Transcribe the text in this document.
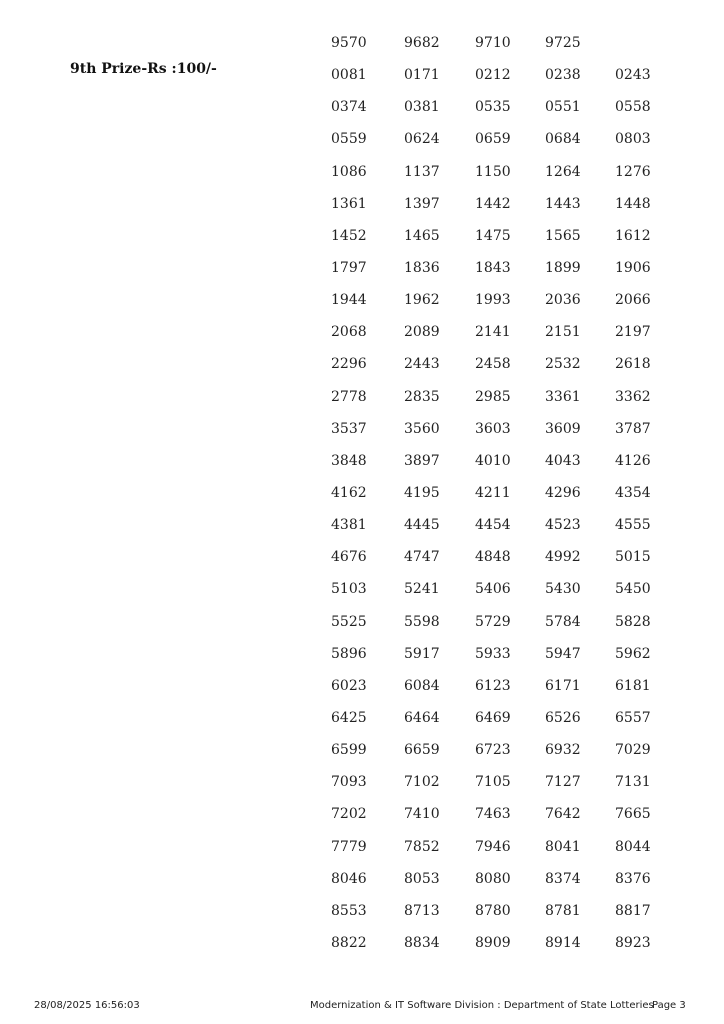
9th Prize-Rs :100/-
9570	9682	9710	9725
0081	0171	0212	0238	0243
0374	0381	0535	0551	0558
0559	0624	0659	0684	0803
1086	1137	1150	1264	1276
1361	1397	1442	1443	1448
1452	1465	1475	1565	1612
1797	1836	1843	1899	1906
1944	1962	1993	2036	2066
2068	2089	2141	2151	2197
2296	2443	2458	2532	2618
2778	2835	2985	3361	3362
3537	3560	3603	3609	3787
3848	3897	4010	4043	4126
4162	4195	4211	4296	4354
4381	4445	4454	4523	4555
4676	4747	4848	4992	5015
5103	5241	5406	5430	5450
5525	5598	5729	5784	5828
5896	5917	5933	5947	5962
6023	6084	6123	6171	6181
6425	6464	6469	6526	6557
6599	6659	6723	6932	7029
7093	7102	7105	7127	7131
7202	7410	7463	7642	7665
7779	7852	7946	8041	8044
8046	8053	8080	8374	8376
8553	8713	8780	8781	8817
8822	8834	8909	8914	8923
28/08/2025 16:56:03	Modernization & IT Software Division : Department of State Lotteries
Page 3
